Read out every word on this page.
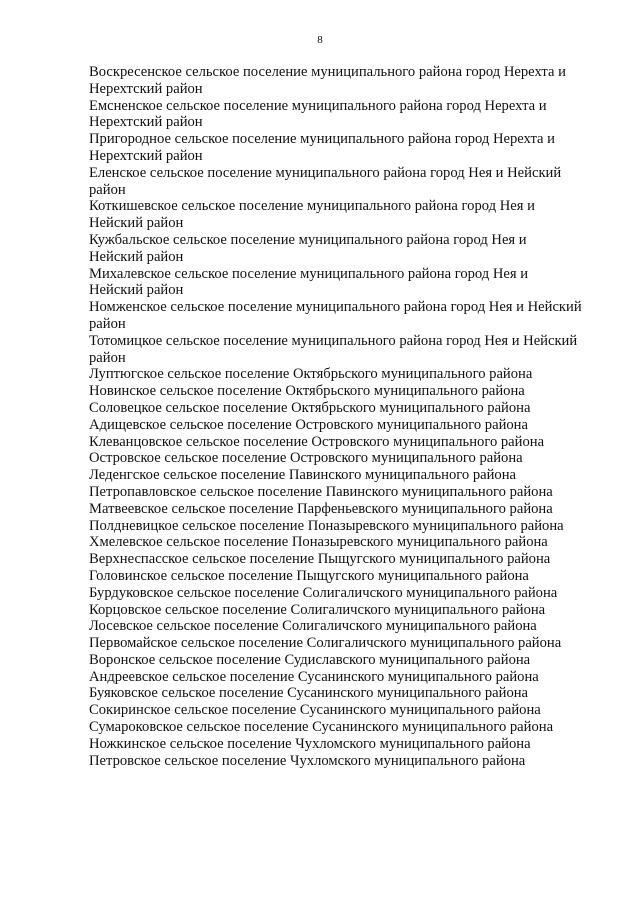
8

Воскресенское сельское поселение муниципального района город Нерехта и Нерехтский район

Емсненское сельское поселение муниципального района город Нерехта и Нерехтский район

Пригородное сельское поселение муниципального района город Нерехта и Нерехтский район

Еленское сельское поселение муниципального района город Нея и Нейский район

Коткишевское сельское поселение муниципального района город Нея и Нейский район

Кужбальское сельское поселение муниципального района город Нея и Нейский район

Михалевское сельское поселение муниципального района город Нея и Нейский район

Номженское сельское поселение муниципального района город Нея и Нейский район

Тотомицкое сельское поселение муниципального района город Нея и Нейский район

Луптюгское сельское поселение Октябрьского муниципального района

Новинское сельское поселение Октябрьского муниципального района

Соловецкое сельское поселение Октябрьского муниципального района

Адищевское сельское поселение Островского муниципального района

Клеванцовское сельское поселение Островского муниципального района

Островское сельское поселение Островского муниципального района

Леденгское сельское поселение Павинского муниципального района

Петропавловское сельское поселение Павинского муниципального района

Матвеевское сельское поселение Парфеньевского муниципального района

Полдневицкое сельское поселение Поназыревского муниципального района

Хмелевское сельское поселение Поназыревского муниципального района

Верхнеспасское сельское поселение Пыщугского муниципального района

Головинское сельское поселение Пыщугского муниципального района

Бурдуковское сельское поселение Солигаличского муниципального района

Корцовское сельское поселение Солигаличского муниципального района

Лосевское сельское поселение Солигаличского муниципального района

Первомайское сельское поселение Солигаличского муниципального района

Воронское сельское поселение Судиславского муниципального района

Андреевское сельское поселение Сусанинского муниципального района

Буяковское сельское поселение Сусанинского муниципального района

Сокиринское сельское поселение Сусанинского муниципального района

Сумароковское сельское поселение Сусанинского муниципального района

Ножкинское сельское поселение Чухломского муниципального района

Петровское сельское поселение Чухломского муниципального района
